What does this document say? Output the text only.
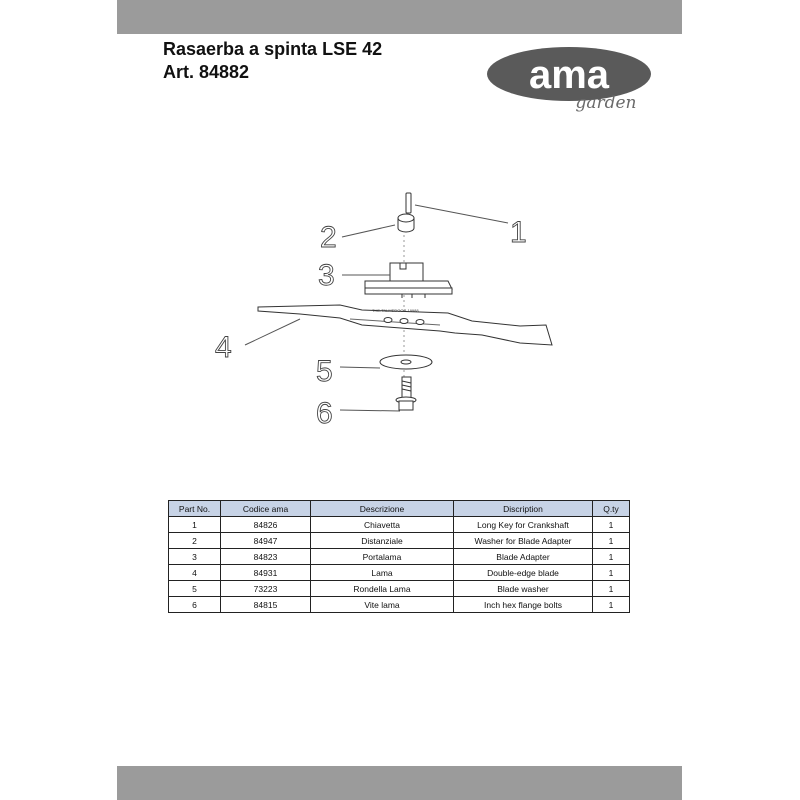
Rasaerba a spinta LSE 42
Art. 84882	ama
garden
THE-TALMEDOOR 19988
1
2
3
4
5
6
Part No.	Codice ama	Descrizione	Discription	Q.ty
1	84826	Chiavetta	Long Key for Crankshaft	1
2	84947	Distanziale	Washer for Blade Adapter	1
3	84823	Portalama	Blade Adapter	1
4	84931	Lama	Double-edge blade	1
5	73223	Rondella Lama	Blade washer	1
6	84815	Vite lama	Inch hex flange bolts	1
